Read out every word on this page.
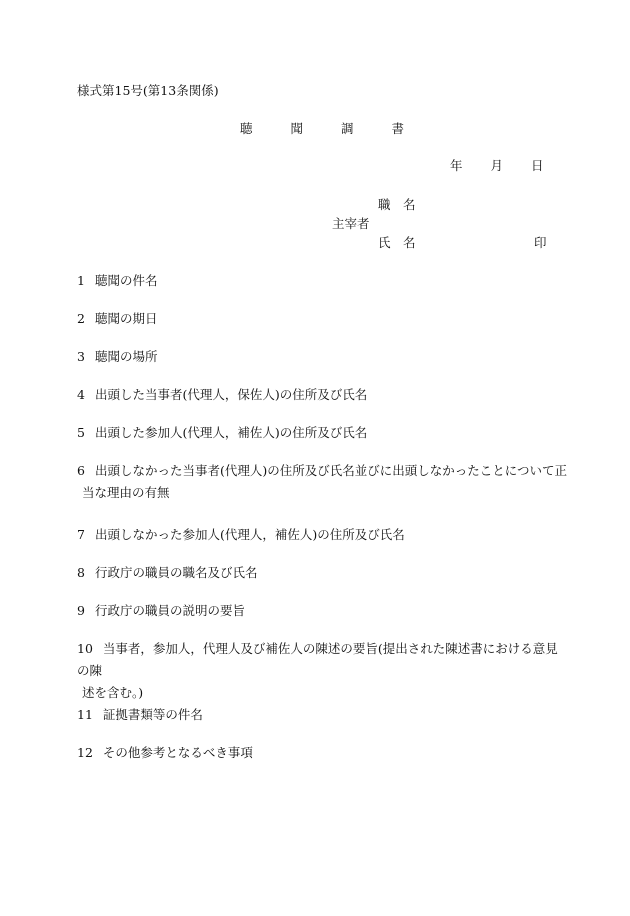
様式第15号(第13条関係)
聴	聞	調	書
年 月 日
職　名
主宰者
氏　名	印
1 聴聞の件名
2 聴聞の期日
3 聴聞の場所
4 出頭した当事者(代理人，保佐人)の住所及び氏名
5 出頭した参加人(代理人，補佐人)の住所及び氏名
6 出頭しなかった当事者(代理人)の住所及び氏名並びに出頭しなかったことについて正
当な理由の有無
7 出頭しなかった参加人(代理人，補佐人)の住所及び氏名
8 行政庁の職員の職名及び氏名
9 行政庁の職員の説明の要旨
10 当事者，参加人，代理人及び補佐人の陳述の要旨(提出された陳述書における意見の陳
述を含む。)
11 証拠書類等の件名
12 その他参考となるべき事項
